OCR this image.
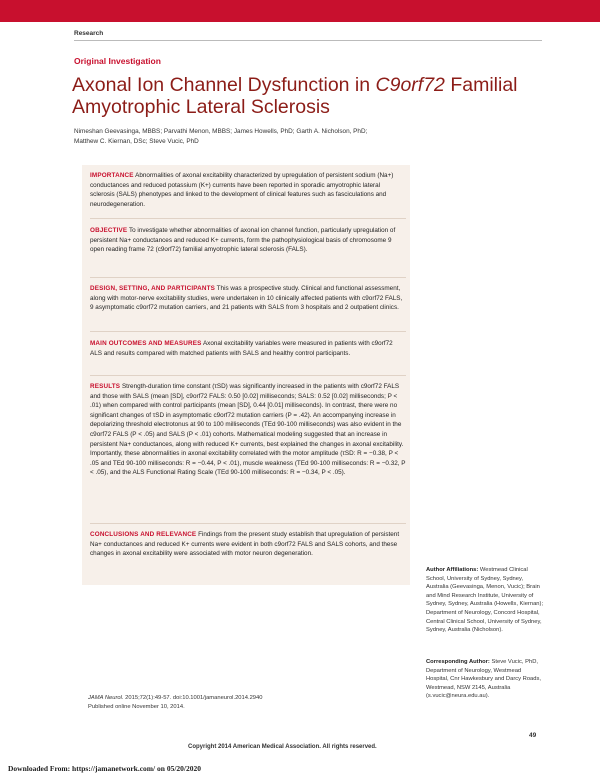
Research
Original Investigation
Axonal Ion Channel Dysfunction in C9orf72 Familial Amyotrophic Lateral Sclerosis
Nimeshan Geevasinga, MBBS; Parvathi Menon, MBBS; James Howells, PhD; Garth A. Nicholson, PhD;
Matthew C. Kiernan, DSc; Steve Vucic, PhD
IMPORTANCE Abnormalities of axonal excitability characterized by upregulation of persistent sodium (Na+) conductances and reduced potassium (K+) currents have been reported in sporadic amyotrophic lateral sclerosis (SALS) phenotypes and linked to the development of clinical features such as fasciculations and neurodegeneration.
OBJECTIVE To investigate whether abnormalities of axonal ion channel function, particularly upregulation of persistent Na+ conductances and reduced K+ currents, form the pathophysiological basis of chromosome 9 open reading frame 72 (c9orf72) familial amyotrophic lateral sclerosis (FALS).
DESIGN, SETTING, AND PARTICIPANTS This was a prospective study. Clinical and functional assessment, along with motor-nerve excitability studies, were undertaken in 10 clinically affected patients with c9orf72 FALS, 9 asymptomatic c9orf72 mutation carriers, and 21 patients with SALS from 3 hospitals and 2 outpatient clinics.
MAIN OUTCOMES AND MEASURES Axonal excitability variables were measured in patients with c9orf72 ALS and results compared with matched patients with SALS and healthy control participants.
RESULTS Strength-duration time constant (τSD) was significantly increased in the patients with c9orf72 FALS and those with SALS (mean [SD], c9orf72 FALS: 0.50 [0.02] milliseconds; SALS: 0.52 [0.02] milliseconds; P < .01) when compared with control participants (mean [SD], 0.44 [0.01] milliseconds). In contrast, there were no significant changes of τSD in asymptomatic c9orf72 mutation carriers (P = .42). An accompanying increase in depolarizing threshold electrotonus at 90 to 100 milliseconds (TEd 90-100 milliseconds) was also evident in the c9orf72 FALS (P < .05) and SALS (P < .01) cohorts. Mathematical modeling suggested that an increase in persistent Na+ conductances, along with reduced K+ currents, best explained the changes in axonal excitability. Importantly, these abnormalities in axonal excitability correlated with the motor amplitude (τSD: R = −0.38, P < .05 and TEd 90-100 milliseconds: R = −0.44, P < .01), muscle weakness (TEd 90-100 milliseconds: R = −0.32, P < .05), and the ALS Functional Rating Scale (TEd 90-100 milliseconds: R = −0.34, P < .05).
CONCLUSIONS AND RELEVANCE Findings from the present study establish that upregulation of persistent Na+ conductances and reduced K+ currents were evident in both c9orf72 FALS and SALS cohorts, and these changes in axonal excitability were associated with motor neuron degeneration.
Author Affiliations: Westmead Clinical School, University of Sydney, Sydney, Australia (Geevasinga, Menon, Vucic); Brain and Mind Research Institute, University of Sydney, Sydney, Australia (Howells, Kiernan); Department of Neurology, Concord Hospital, Central Clinical School, University of Sydney, Sydney, Australia (Nicholson).
Corresponding Author: Steve Vucic, PhD, Department of Neurology, Westmead Hospital, Cnr Hawkesbury and Darcy Roads, Westmead, NSW 2145, Australia (s.vucic@neura.edu.au).
JAMA Neurol. 2015;72(1):49-57. doi:10.1001/jamaneurol.2014.2940
Published online November 10, 2014.
49
Copyright 2014 American Medical Association. All rights reserved.
Downloaded From: https://jamanetwork.com/ on 05/20/2020
